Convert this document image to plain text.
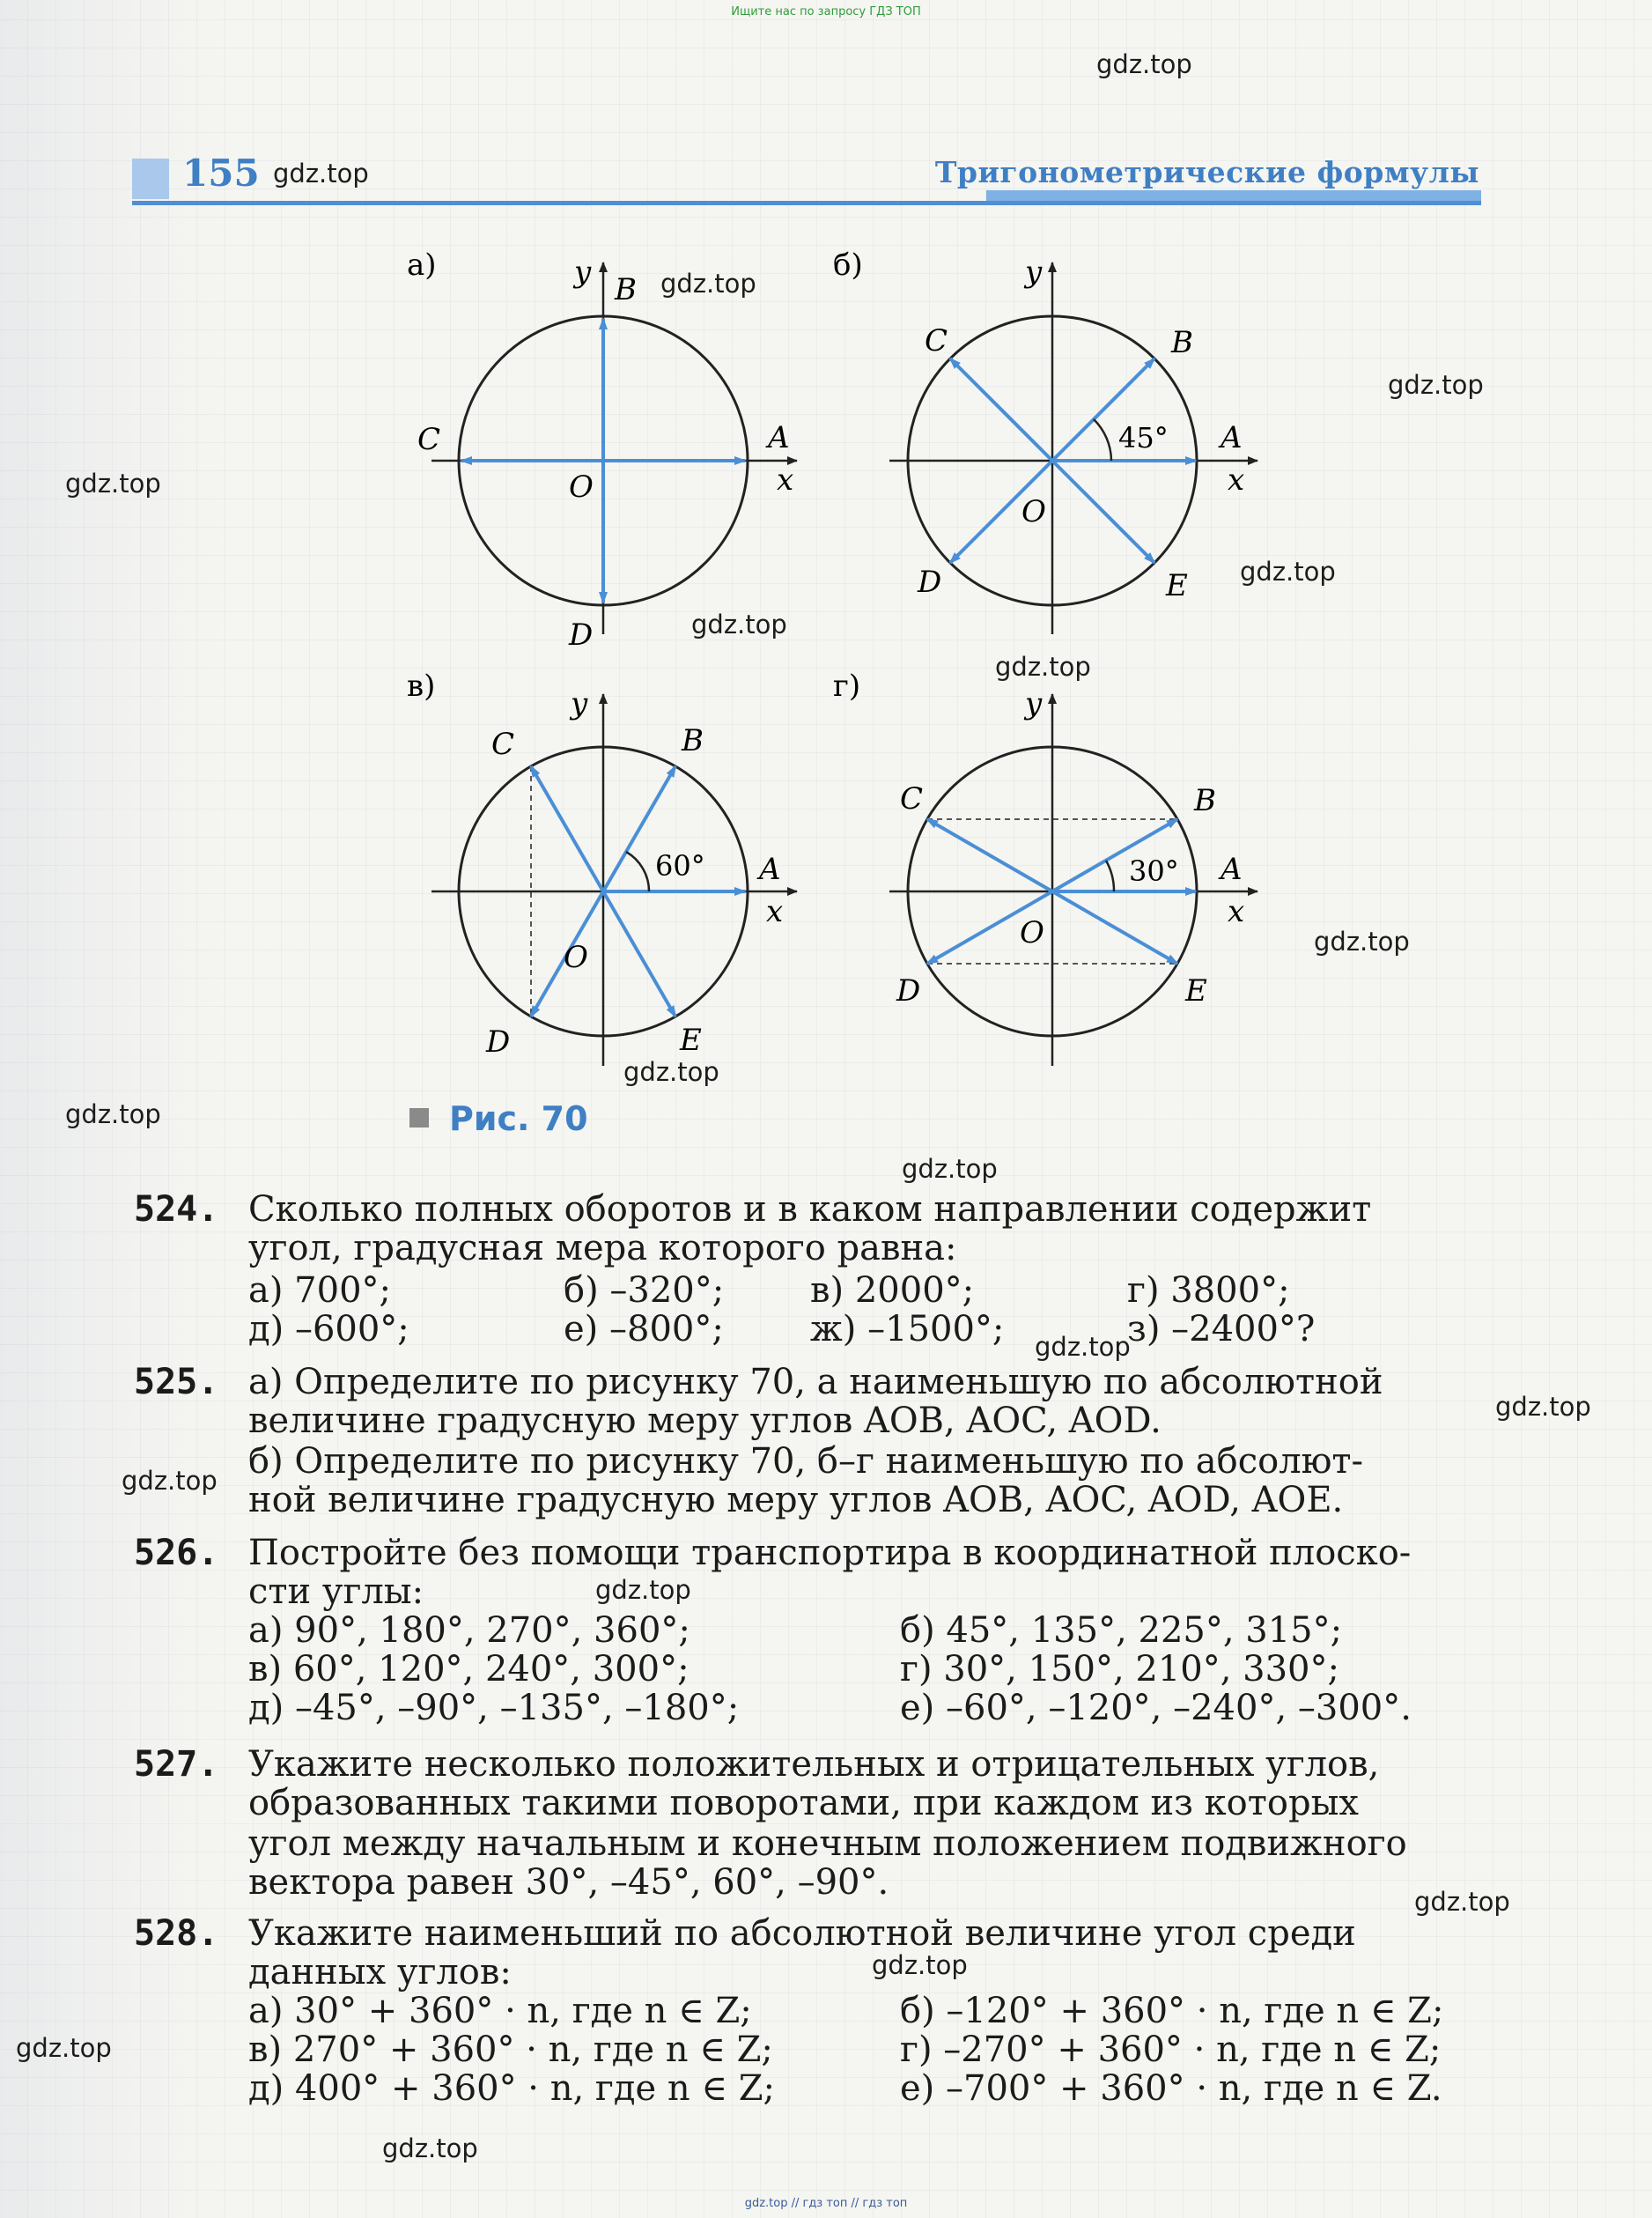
Ищите нас по запросу ГДЗ ТОП
155	Тригонометрические формулы
а)	y B
C	A
x
O
D
б)	y
B
C
A
x
45°
O
D	E
в)	y
B
C
A
x
60°
O
D	E
г)	y
B
C
A
x
30°
O
D	E
Рис. 70
524. Сколько полных оборотов и в каком направлении содержит
угол, градусная мера которого равна:
а) 700°;	б) –320°; в) 2000°;	г) 3800°;
д) –600°;	е) –800°; ж) –1500°;	з) –2400°?
525. а) Определите по рисунку 70, а наименьшую по абсолютной
величине градусную меру углов AOB, AOC, AOD.
б) Определите по рисунку 70, б–г наименьшую по абсолют-
ной величине градусную меру углов AOB, AOC, AOD, AOE.
526. Постройте без помощи транспортира в координатной плоско-
сти углы:
а) 90°, 180°, 270°, 360°;	б) 45°, 135°, 225°, 315°;
в) 60°, 120°, 240°, 300°;	г) 30°, 150°, 210°, 330°;
д) –45°, –90°, –135°, –180°;	е) –60°, –120°, –240°, –300°.
527. Укажите несколько положительных и отрицательных углов,
образованных такими поворотами, при каждом из которых
угол между начальным и конечным положением подвижного
вектора равен 30°, –45°, 60°, –90°.
528. Укажите наименьший по абсолютной величине угол среди
данных углов:
а) 30° + 360° · n, где n ∈ Z;	б) –120° + 360° · n, где n ∈ Z;
в) 270° + 360° · n, где n ∈ Z;	г) –270° + 360° · n, где n ∈ Z;
д) 400° + 360° · n, где n ∈ Z;	е) –700° + 360° · n, где n ∈ Z.
gdz.top
gdz.top
gdz.top
gdz.top
gdz.top
gdz.top
gdz.top
gdz.top
gdz.top
gdz.top
gdz.top
gdz.top
gdz.top
gdz.top
gdz.top
gdz.top
gdz.top
gdz.top
gdz.top
gdz.top
gdz.top // гдз топ // гдз топ
